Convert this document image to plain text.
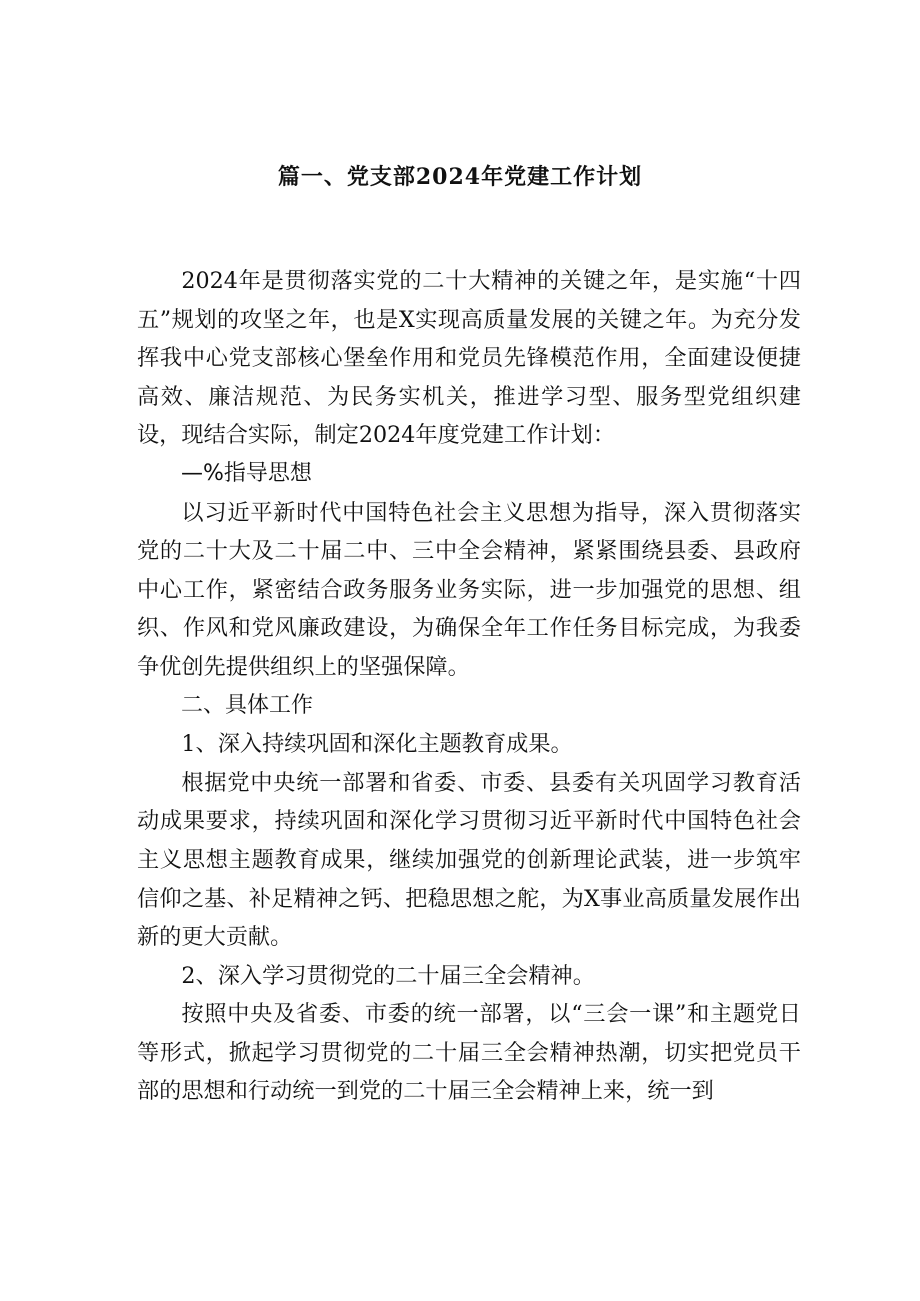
篇一、党支部2024年党建工作计划

2024年是贯彻落实党的二十大精神的关键之年，是实施“十四五”规划的攻坚之年，也是X实现高质量发展的关键之年。为充分发挥我中心党支部核心堡垒作用和党员先锋模范作用，全面建设便捷高效、廉洁规范、为民务实机关，推进学习型、服务型党组织建设，现结合实际，制定2024年度党建工作计划：

—%指导思想

以习近平新时代中国特色社会主义思想为指导，深入贯彻落实党的二十大及二十届二中、三中全会精神，紧紧围绕县委、县政府中心工作，紧密结合政务服务业务实际，进一步加强党的思想、组织、作风和党风廉政建设，为确保全年工作任务目标完成，为我委争优创先提供组织上的坚强保障。

二、具体工作

1、深入持续巩固和深化主题教育成果。

根据党中央统一部署和省委、市委、县委有关巩固学习教育活动成果要求，持续巩固和深化学习贯彻习近平新时代中国特色社会主义思想主题教育成果，继续加强党的创新理论武装，进一步筑牢信仰之基、补足精神之钙、把稳思想之舵，为X事业高质量发展作出新的更大贡献。

2、深入学习贯彻党的二十届三全会精神。

按照中央及省委、市委的统一部署，以“三会一课”和主题党日等形式，掀起学习贯彻党的二十届三全会精神热潮，切实把党员干部的思想和行动统一到党的二十届三全会精神上来，统一到
